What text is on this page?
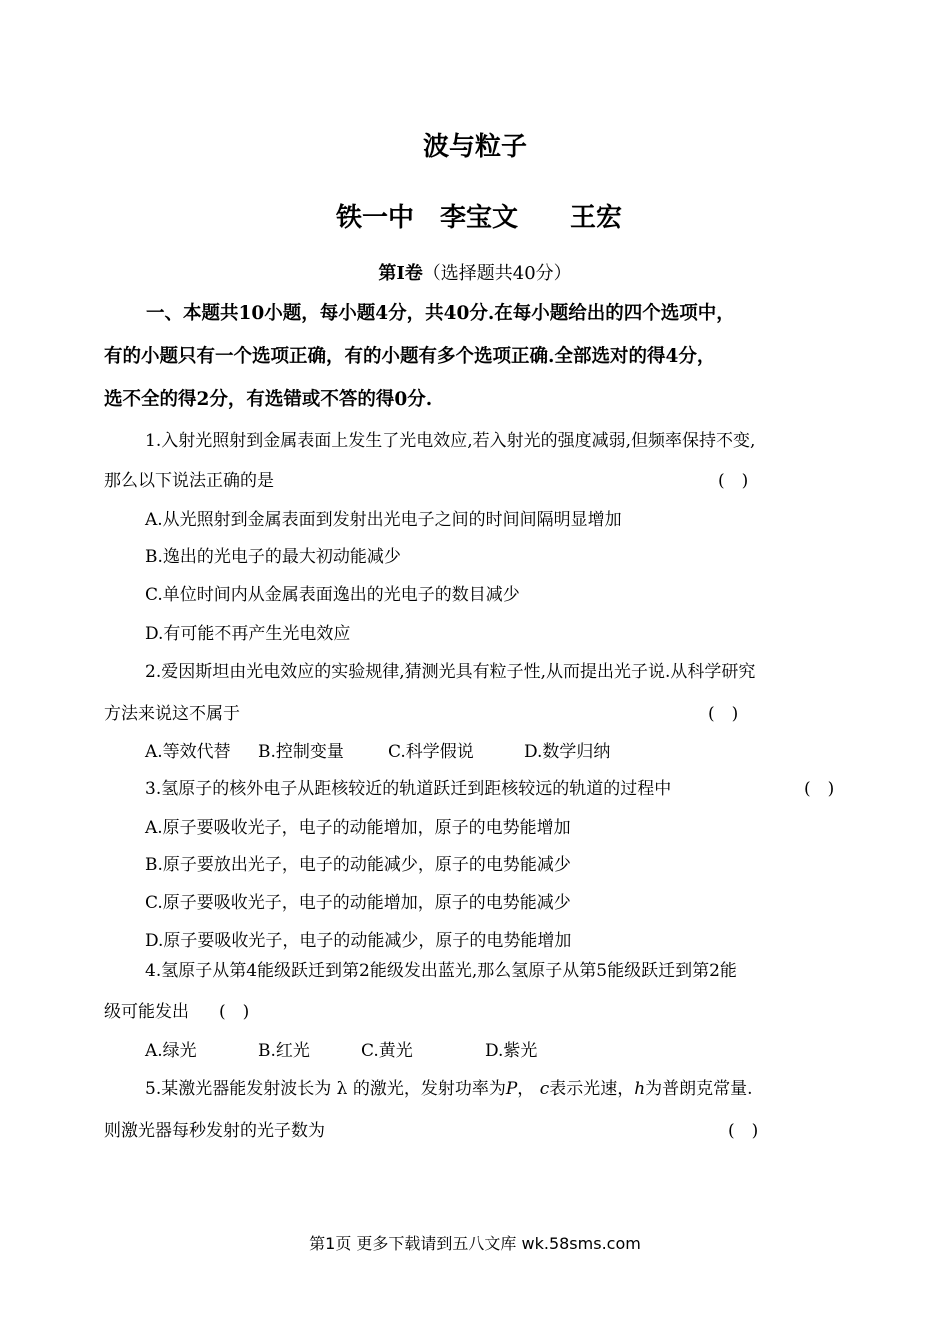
波与粒子
铁一中　李宝文　　王宏
第Ⅰ卷（选择题共40分）
一、本题共10小题，每小题4分，共40分.在每小题给出的四个选项中，
有的小题只有一个选项正确，有的小题有多个选项正确.全部选对的得4分，
选不全的得2分，有选错或不答的得0分.
1.入射光照射到金属表面上发生了光电效应,若入射光的强度减弱,但频率保持不变,
那么以下说法正确的是	(　)
A.从光照射到金属表面到发射出光电子之间的时间间隔明显增加
B.逸出的光电子的最大初动能减少
C.单位时间内从金属表面逸出的光电子的数目减少
D.有可能不再产生光电效应
2.爱因斯坦由光电效应的实验规律,猜测光具有粒子性,从而提出光子说.从科学研究
方法来说这不属于	(　)
A.等效代替 B.控制变量	C.科学假说	D.数学归纳
3.氢原子的核外电子从距核较近的轨道跃迁到距核较远的轨道的过程中	(　)
A.原子要吸收光子，电子的动能增加，原子的电势能增加
B.原子要放出光子，电子的动能减少，原子的电势能减少
C.原子要吸收光子，电子的动能增加，原子的电势能减少
D.原子要吸收光子，电子的动能减少，原子的电势能增加
4.氢原子从第4能级跃迁到第2能级发出蓝光,那么氢原子从第5能级跃迁到第2能
级可能发出 (　)
A.绿光	B.红光	C.黄光	D.紫光
5.某激光器能发射波长为 λ 的激光，发射功率为P， c表示光速，h为普朗克常量.
则激光器每秒发射的光子数为	(　)
第1页 更多下载请到五八文库 wk.58sms.com
